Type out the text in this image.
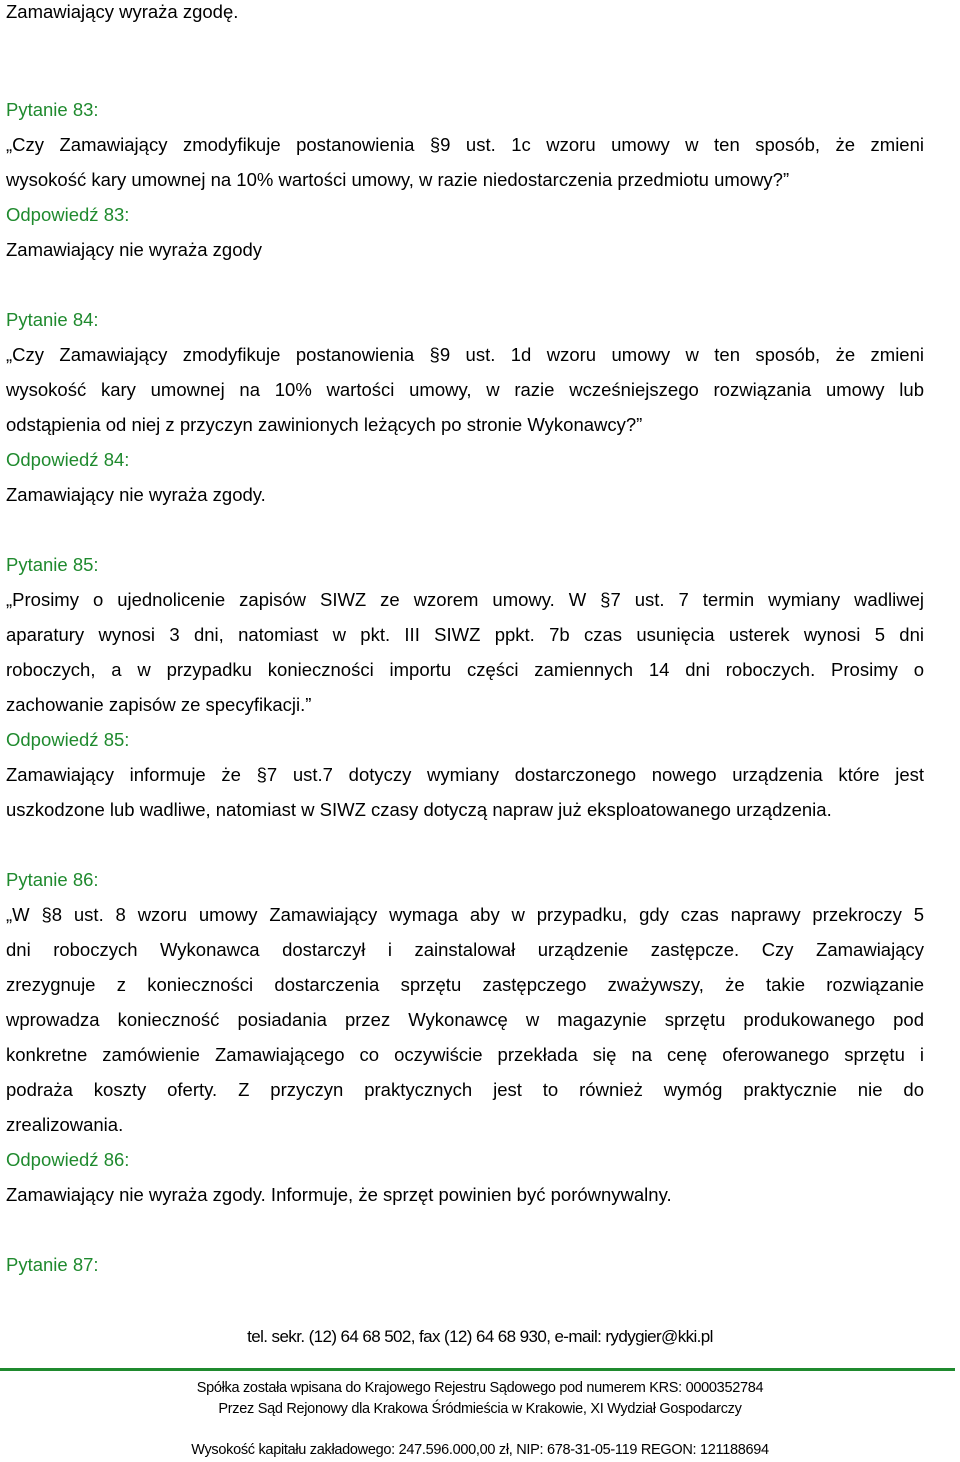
Zamawiający wyraża zgodę.
Pytanie 83:
„Czy Zamawiający zmodyfikuje postanowienia §9 ust. 1c wzoru umowy w ten sposób, że zmieni
wysokość kary umownej na 10% wartości umowy, w razie niedostarczenia przedmiotu umowy?”
Odpowiedź 83:
Zamawiający nie wyraża zgody
Pytanie 84:
„Czy Zamawiający zmodyfikuje postanowienia §9 ust. 1d wzoru umowy w ten sposób, że zmieni
wysokość kary umownej na 10% wartości umowy, w razie wcześniejszego rozwiązania umowy lub
odstąpienia od niej z przyczyn zawinionych leżących po stronie Wykonawcy?”
Odpowiedź 84:
Zamawiający nie wyraża zgody.
Pytanie 85:
„Prosimy o ujednolicenie zapisów SIWZ ze wzorem umowy. W §7 ust. 7 termin wymiany wadliwej
aparatury wynosi 3 dni, natomiast w pkt. III SIWZ ppkt. 7b czas usunięcia usterek wynosi 5 dni
roboczych, a w przypadku konieczności importu części zamiennych 14 dni roboczych. Prosimy o
zachowanie zapisów ze specyfikacji.”
Odpowiedź 85:
Zamawiający informuje że §7 ust.7 dotyczy wymiany dostarczonego nowego urządzenia które jest
uszkodzone lub wadliwe, natomiast w SIWZ czasy dotyczą napraw już eksploatowanego urządzenia.
Pytanie 86:
„W §8 ust. 8 wzoru umowy Zamawiający wymaga aby w przypadku, gdy czas naprawy przekroczy 5
dni roboczych Wykonawca dostarczył i zainstalował urządzenie zastępcze. Czy Zamawiający
zrezygnuje z konieczności dostarczenia sprzętu zastępczego zważywszy, że takie rozwiązanie
wprowadza konieczność posiadania przez Wykonawcę w magazynie sprzętu produkowanego pod
konkretne zamówienie Zamawiającego co oczywiście przekłada się na cenę oferowanego sprzętu i
podraża koszty oferty. Z przyczyn praktycznych jest to również wymóg praktycznie nie do
zrealizowania.
Odpowiedź 86:
Zamawiający nie wyraża zgody. Informuje, że sprzęt powinien być porównywalny.
Pytanie 87:
tel. sekr. (12) 64 68 502, fax (12) 64 68 930, e-mail: rydygier@kki.pl
Spółka została wpisana do Krajowego Rejestru Sądowego pod numerem KRS: 0000352784
Przez Sąd Rejonowy dla Krakowa Śródmieścia w Krakowie, XI Wydział Gospodarczy
Wysokość kapitału zakładowego: 247.596.000,00 zł, NIP: 678-31-05-119 REGON: 121188694
